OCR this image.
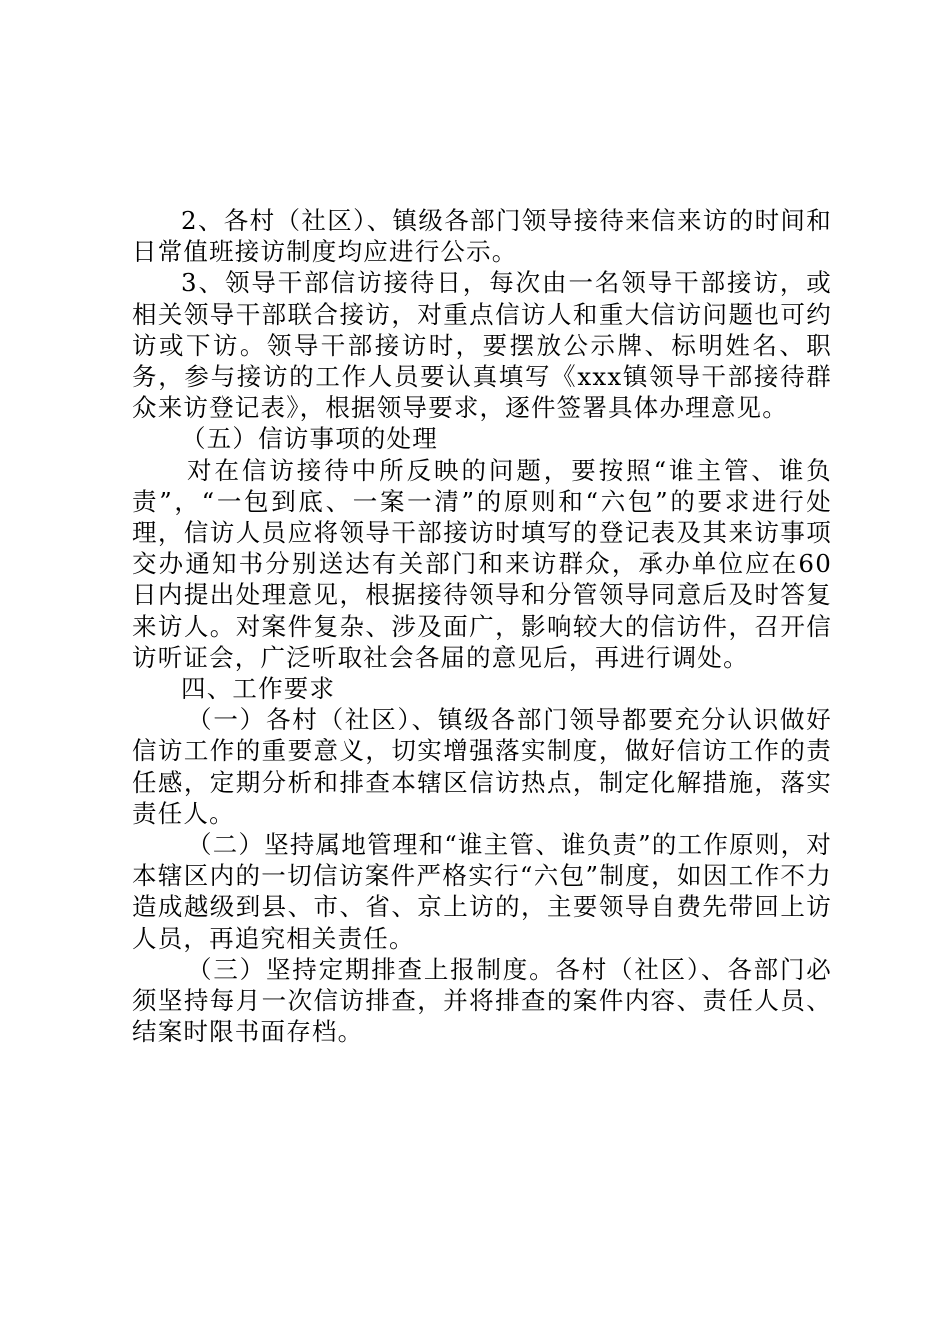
2、各村（社区）、镇级各部门领导接待来信来访的时间和日常值班接访制度均应进行公示。

3、领导干部信访接待日，每次由一名领导干部接访，或相关领导干部联合接访，对重点信访人和重大信访问题也可约访或下访。领导干部接访时，要摆放公示牌、标明姓名、职务，参与接访的工作人员要认真填写《xxx镇领导干部接待群众来访登记表》，根据领导要求，逐件签署具体办理意见。

（五）信访事项的处理

对在信访接待中所反映的问题，要按照“谁主管、谁负责”，“一包到底、一案一清”的原则和“六包”的要求进行处理，信访人员应将领导干部接访时填写的登记表及其来访事项交办通知书分别送达有关部门和来访群众，承办单位应在60日内提出处理意见，根据接待领导和分管领导同意后及时答复来访人。对案件复杂、涉及面广，影响较大的信访件，召开信访听证会，广泛听取社会各届的意见后，再进行调处。

四、工作要求

（一）各村（社区）、镇级各部门领导都要充分认识做好信访工作的重要意义，切实增强落实制度，做好信访工作的责任感，定期分析和排查本辖区信访热点，制定化解措施，落实责任人。

（二）坚持属地管理和“谁主管、谁负责”的工作原则，对本辖区内的一切信访案件严格实行“六包”制度，如因工作不力造成越级到县、市、省、京上访的，主要领导自费先带回上访人员，再追究相关责任。

（三）坚持定期排查上报制度。各村（社区）、各部门必须坚持每月一次信访排查，并将排查的案件内容、责任人员、结案时限书面存档。
